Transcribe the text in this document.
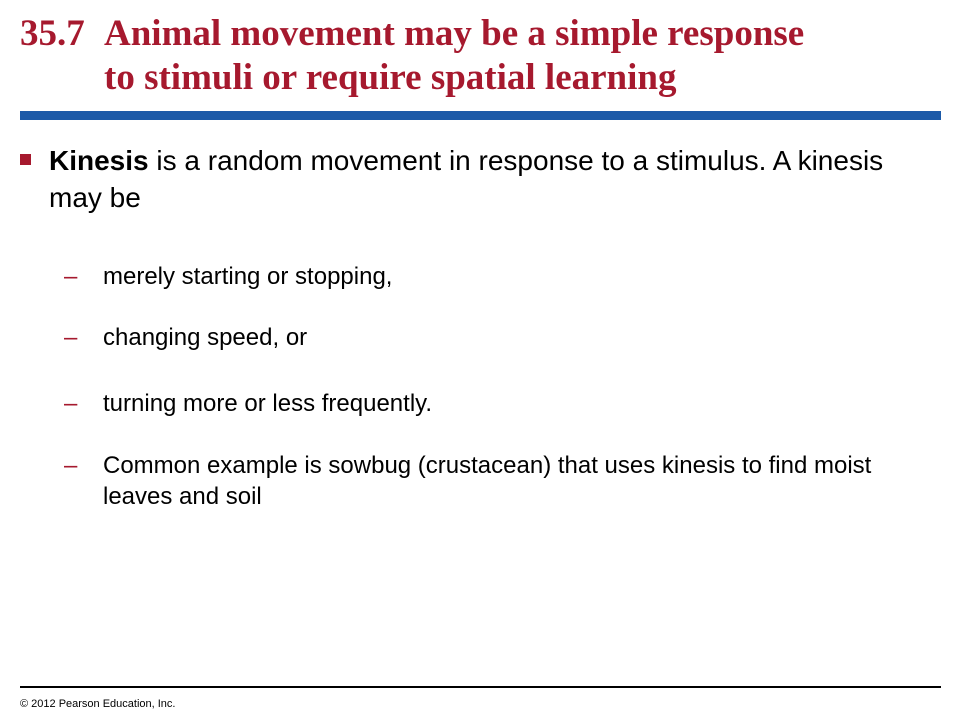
35.7 Animal movement may be a simple response
to stimuli or require spatial learning
Kinesis is a random movement in response to a stimulus. A kinesis may be
– merely starting or stopping,
– changing speed, or
– turning more or less frequently.
– Common example is sowbug (crustacean) that uses kinesis to find moist leaves and soil
© 2012 Pearson Education, Inc.
